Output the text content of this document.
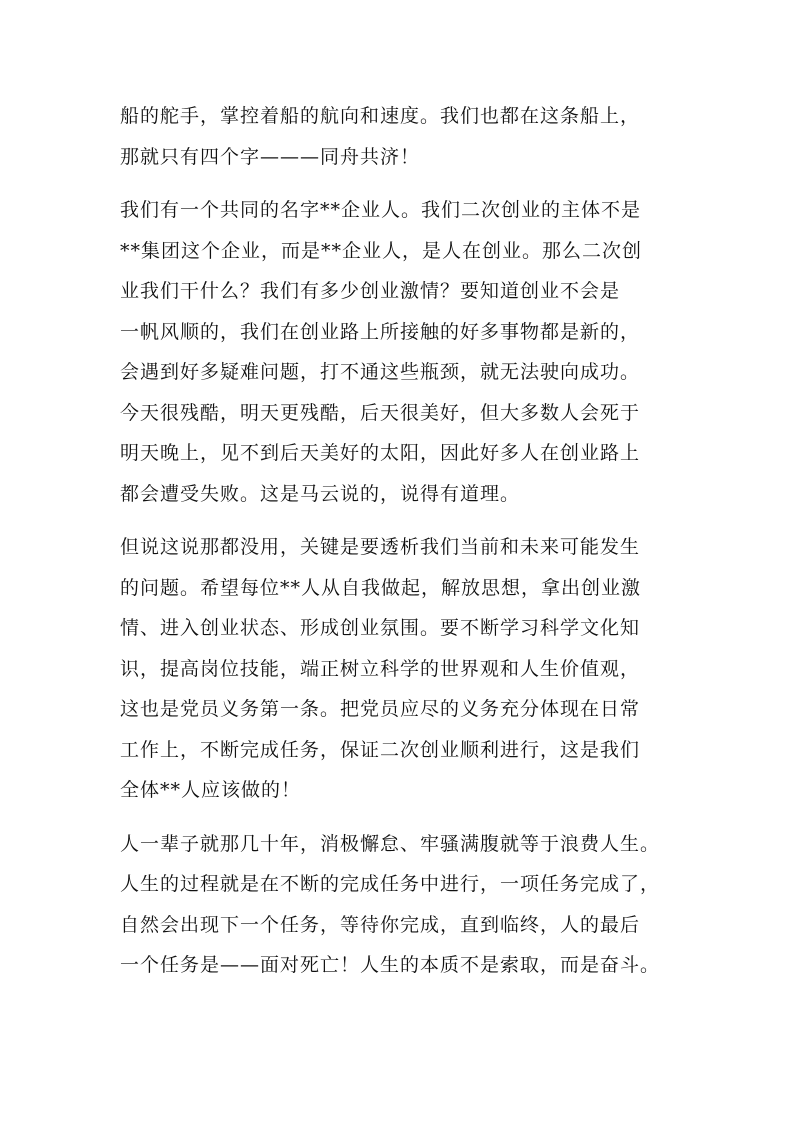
船的舵手，掌控着船的航向和速度。我们也都在这条船上，
那就只有四个字———同舟共济！
我们有一个共同的名字**企业人。我们二次创业的主体不是
**集团这个企业，而是**企业人，是人在创业。那么二次创
业我们干什么？我们有多少创业激情？要知道创业不会是
一帆风顺的，我们在创业路上所接触的好多事物都是新的，
会遇到好多疑难问题，打不通这些瓶颈，就无法驶向成功。
今天很残酷，明天更残酷，后天很美好，但大多数人会死于
明天晚上，见不到后天美好的太阳，因此好多人在创业路上
都会遭受失败。这是马云说的，说得有道理。
但说这说那都没用，关键是要透析我们当前和未来可能发生
的问题。希望每位**人从自我做起，解放思想，拿出创业激
情、进入创业状态、形成创业氛围。要不断学习科学文化知
识，提高岗位技能，端正树立科学的世界观和人生价值观，
这也是党员义务第一条。把党员应尽的义务充分体现在日常
工作上，不断完成任务，保证二次创业顺利进行，这是我们
全体**人应该做的！
人一辈子就那几十年，消极懈怠、牢骚满腹就等于浪费人生。
人生的过程就是在不断的完成任务中进行，一项任务完成了，
自然会出现下一个任务，等待你完成，直到临终，人的最后
一个任务是——面对死亡！人生的本质不是索取，而是奋斗。
